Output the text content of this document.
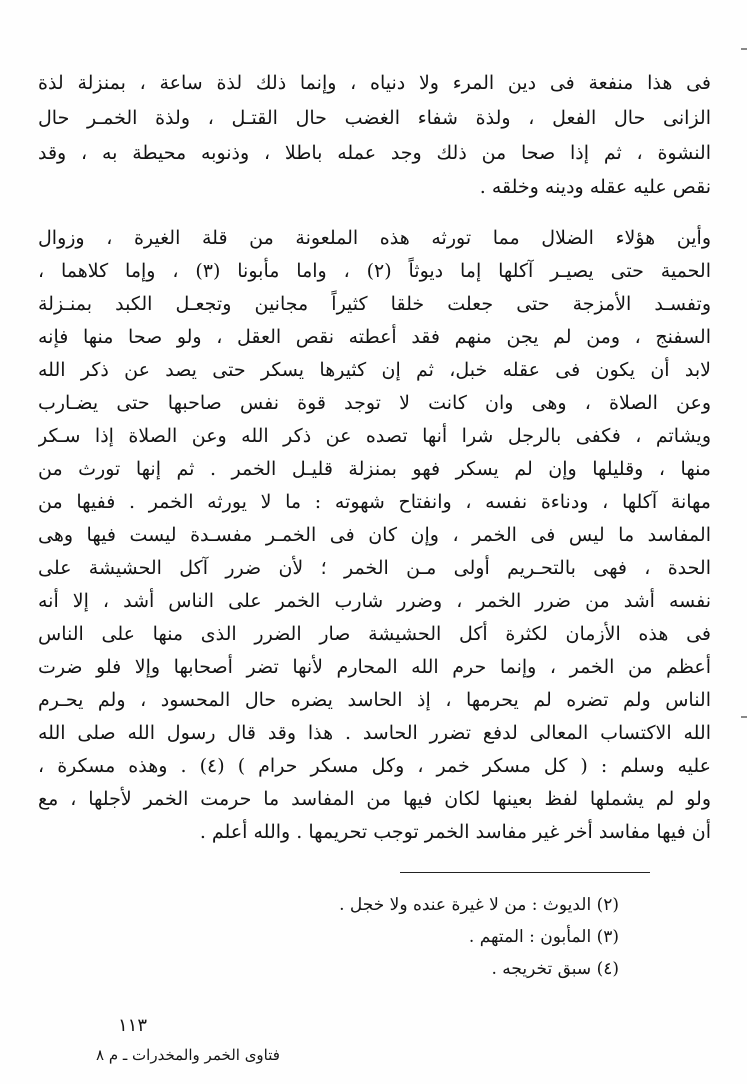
فى هذا منفعة فى دين المرء ولا دنياه ، وإنما ذلك لذة ساعة ، بمنزلة لذة
الزانى حال الفعل ، ولذة شفاء الغضب حال القتـل ، ولذة الخمـر حال
النشوة ، ثم إذا صحا من ذلك وجد عمله باطلا ، وذنوبه محيطة به ، وقد
نقص عليه عقله ودينه وخلقه .
وأين هؤلاء الضلال مما تورثه هذه الملعونة من قلة الغيرة ، وزوال
الحمية حتى يصيـر آكلها إما ديوثاً (٢) ، واما مأبونا (٣) ، وإما كلاهما ،
وتفسـد الأمزجة حتى جعلت خلقا كثيراً مجانين وتجعـل الكبد بمنـزلة
السفنج ، ومن لم يجن منهم فقد أعطته نقص العقل ، ولو صحا منها فإنه
لابد أن يكون فى عقله خبل، ثم إن كثيرها يسكر حتى يصد عن ذكر الله
وعن الصلاة ، وهى وان كانت لا توجد قوة نفس صاحبها حتى يضـارب
ويشاتم ، فكفى بالرجل شرا أنها تصده عن ذكر الله وعن الصلاة إذا سـكر
منها ، وقليلها وإن لم يسكر فهو بمنزلة قليـل الخمر . ثم إنها تورث من
مهانة آكلها ، ودناءة نفسه ، وانفتاح شهوته : ما لا يورثه الخمر . ففيها من
المفاسد ما ليس فى الخمر ، وإن كان فى الخمـر مفسـدة ليست فيها وهى
الحدة ، فهى بالتحـريم أولى مـن الخمر ؛ لأن ضرر آكل الحشيشة على
نفسه أشد من ضرر الخمر ، وضرر شارب الخمر على الناس أشد ، إلا أنه
فى هذه الأزمان لكثرة أكل الحشيشة صار الضرر الذى منها على الناس
أعظم من الخمر ، وإنما حرم الله المحارم لأنها تضر أصحابها وإلا فلو ضرت
الناس ولم تضره لم يحرمها ، إذ الحاسد يضره حال المحسود ، ولم يحـرم
الله الاكتساب المعالى لدفع تضرر الحاسد . هذا وقد قال رسول الله صلى الله
عليه وسلم : ( كل مسكر خمر ، وكل مسكر حرام ) (٤) . وهذه مسكرة ،
ولو لم يشملها لفظ بعينها لكان فيها من المفاسد ما حرمت الخمر لأجلها ، مع
أن فيها مفاسد أخر غير مفاسد الخمر توجب تحريمها . والله أعلم .
(٢) الديوث : من لا غيرة عنده ولا خجل .
(٣) المأبون : المتهم .
(٤) سبق تخريجه .
١١٣
فتاوى الخمر والمخدرات ـ م ٨
